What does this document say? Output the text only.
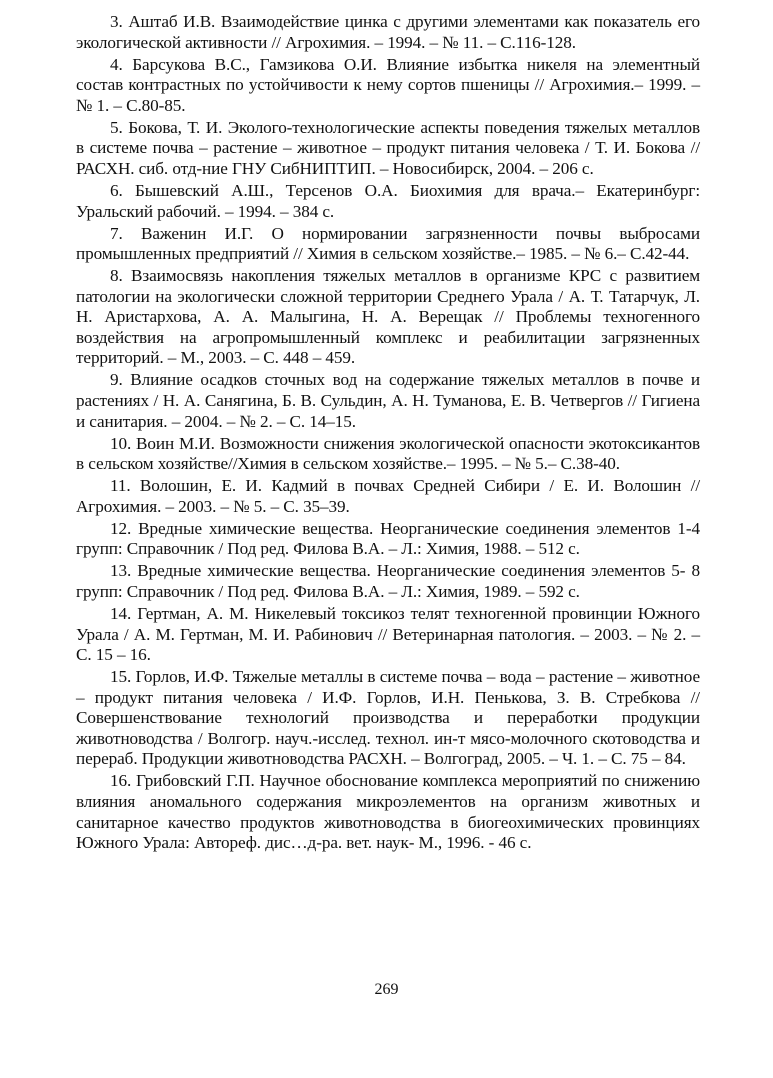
3. Аштаб И.В. Взаимодействие цинка с другими элементами как показатель его экологической активности // Агрохимия. – 1994. – № 11. – С.116-128.

4. Барсукова В.С., Гамзикова О.И. Влияние избытка никеля на элементный состав контрастных по устойчивости к нему сортов пшеницы // Агрохимия.– 1999. – № 1. – С.80-85.

5. Бокова, Т. И. Эколого-технологические аспекты поведения тяжелых металлов в системе почва – растение – животное – продукт питания человека / Т. И. Бокова // РАСХН. сиб. отд-ние ГНУ СибНИПТИП. – Новосибирск, 2004. – 206 с.

6. Бышевский А.Ш., Терсенов О.А. Биохимия для врача.– Екатеринбург: Уральский рабочий. – 1994. – 384 с.

7. Важенин И.Г. О нормировании загрязненности почвы выбросами промышленных предприятий // Химия в сельском хозяйстве.– 1985. – № 6.– С.42-44.

8. Взаимосвязь накопления тяжелых металлов в организме КРС с развитием патологии на экологически сложной территории Среднего Урала / А. Т. Татарчук, Л. Н. Аристархова, А. А. Малыгина, Н. А. Верещак // Проблемы техногенного воздействия на агропромышленный комплекс и реабилитации загрязненных территорий. – М., 2003. – С. 448 – 459.

9. Влияние осадков сточных вод на содержание тяжелых металлов в почве и растениях / Н. А. Санягина, Б. В. Сульдин, А. Н. Туманова, Е. В. Четвергов // Гигиена и санитария. – 2004. – № 2. – С. 14–15.

10. Воин М.И. Возможности снижения экологической опасности экотоксикантов в сельском хозяйстве//Химия в сельском хозяйстве.– 1995. – № 5.– С.38-40.

11. Волошин, Е. И. Кадмий в почвах Средней Сибири / Е. И. Волошин // Агрохимия. – 2003. – № 5. – С. 35–39.

12. Вредные химические вещества. Неорганические соединения элементов 1-4 групп: Справочник / Под ред. Филова В.А. – Л.: Химия, 1988. – 512 с.

13. Вредные химические вещества. Неорганические соединения элементов 5- 8 групп: Справочник / Под ред. Филова В.А. – Л.: Химия, 1989. – 592 с.

14. Гертман, А. М. Никелевый токсикоз телят техногенной провинции Южного Урала / А. М. Гертман, М. И. Рабинович // Ветеринарная патология. – 2003. – № 2. – С. 15 – 16.

15. Горлов, И.Ф. Тяжелые металлы в системе почва – вода – растение – животное – продукт питания человека / И.Ф. Горлов, И.Н. Пенькова, З. В. Стребкова // Совершенствование технологий производства и переработки продукции животноводства / Волгогр. науч.-исслед. технол. ин-т мясо-молочного скотоводства и перераб. Продукции животноводства РАСХН. – Волгоград, 2005. – Ч. 1. – С. 75 – 84.

16. Грибовский Г.П. Научное обоснование комплекса мероприятий по снижению влияния аномального содержания микроэлементов на организм животных и санитарное качество продуктов животноводства в биогеохимических провинциях Южного Урала: Автореф. дис…д-ра. вет. наук- М., 1996. - 46 с.

269
